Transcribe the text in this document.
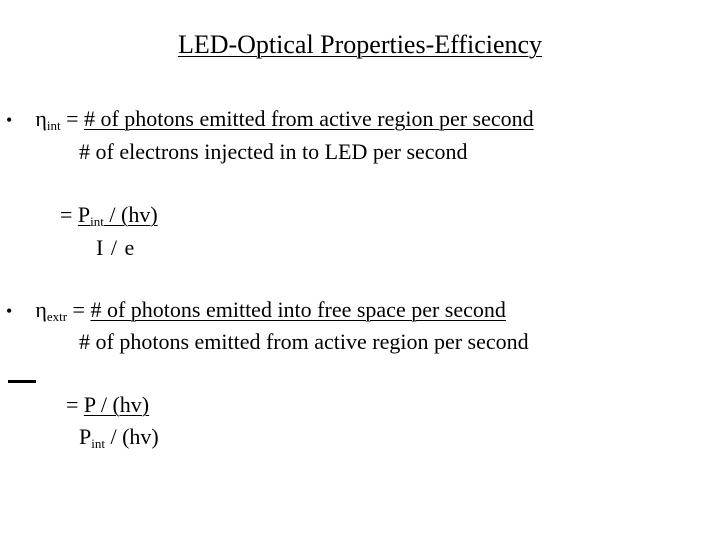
LED-Optical Properties-Efficiency
• $\eta_{int}$ = # of photons emitted from active region per second
# of electrons injected in to LED per second
= $P_{int} / (hv)$
I / e
• $\eta_{extr}$ = # of photons emitted into free space per second
# of photons emitted from active region per second
= P / (hv)
$P_{int} / (hv)$
